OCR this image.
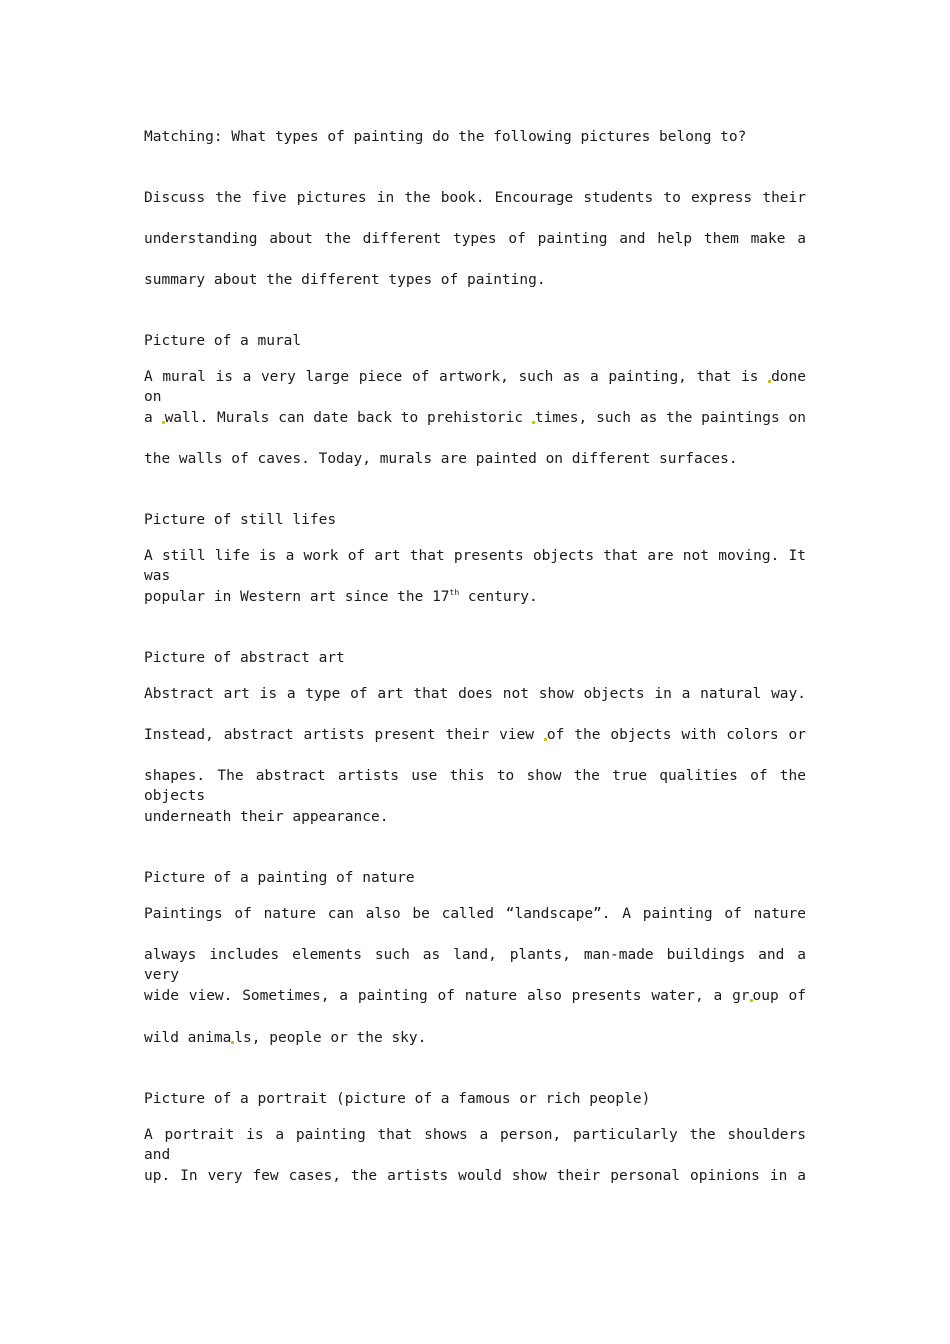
Matching: What types of painting do the following pictures belong to?
Discuss the five pictures in the book. Encourage students to express their
understanding about the different types of painting and help them make a
summary about the different types of painting.
Picture of a mural
A mural is a very large piece of artwork, such as a painting, that is done on
a wall. Murals can date back to prehistoric times, such as the paintings on
the walls of caves. Today, murals are painted on different surfaces.
Picture of still lifes
A still life is a work of art that presents objects that are not moving. It was
popular in Western art since the 17th century.
Picture of abstract art
Abstract art is a type of art that does not show objects in a natural way.
Instead, abstract artists present their view of the objects with colors or
shapes. The abstract artists use this to show the true qualities of the objects
underneath their appearance.
Picture of a painting of nature
Paintings of nature can also be called “landscape”. A painting of nature
always includes elements such as land, plants, man-made buildings and a very
wide view. Sometimes, a painting of nature also presents water, a gr oup of
wild anima ls, people or the sky.
Picture of a portrait (picture of a famous or rich people)
A portrait is a painting that shows a person, particularly the shoulders and
up. In very few cases, the artists would show their personal opinions in a
